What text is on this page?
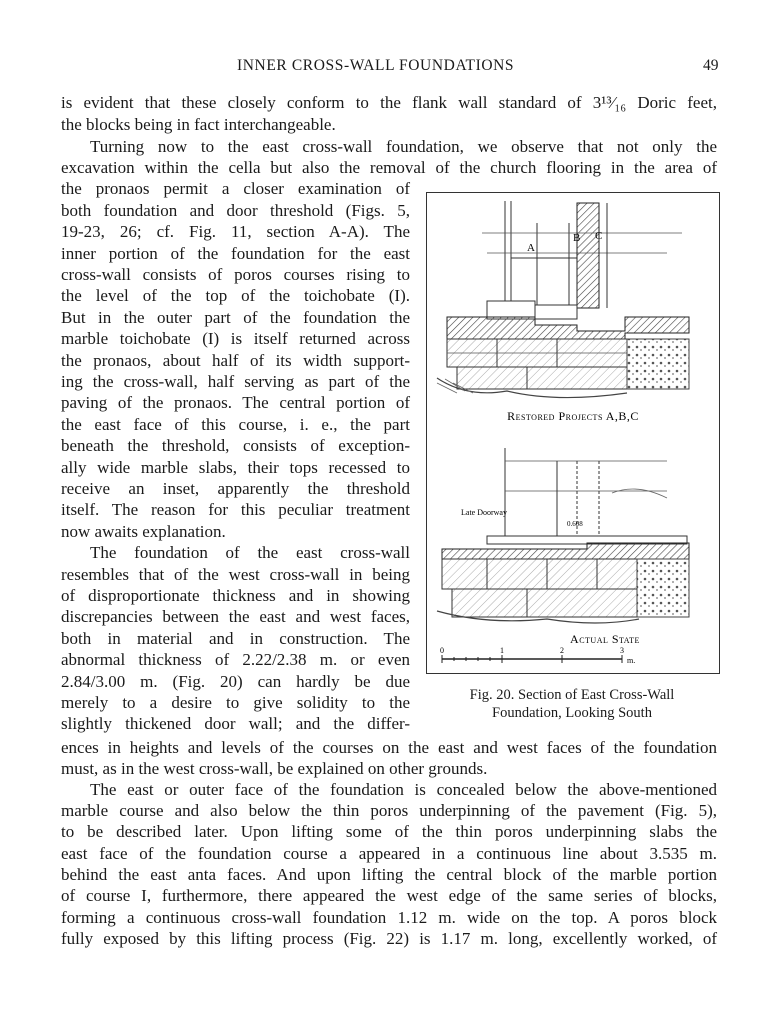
INNER CROSS-WALL FOUNDATIONS	49
is evident that these closely conform to the flank wall standard of 3¹³⁄₁₆ Doric feet,
the blocks being in fact interchangeable.
Turning now to the east cross-wall foundation, we observe that not only the
excavation within the cella but also the removal of the church flooring in the area of
the pronaos permit a closer examination of
both foundation and door threshold (Figs. 5,
19-23, 26; cf. Fig. 11, section A-A). The
inner portion of the foundation for the east
cross-wall consists of poros courses rising to
the level of the top of the toichobate (I).
But in the outer part of the foundation the
marble toichobate (I) is itself returned across
the pronaos, about half of its width support-
ing the cross-wall, half serving as part of the
paving of the pronaos. The central portion of
the east face of this course, i. e., the part
beneath the threshold, consists of exception-
ally wide marble slabs, their tops recessed to
receive an inset, apparently the threshold
itself. The reason for this peculiar treatment
now awaits explanation.
The foundation of the east cross-wall
resembles that of the west cross-wall in being
of disproportionate thickness and in showing
discrepancies between the east and west faces,
both in material and in construction. The
abnormal thickness of 2.22/2.38 m. or even
2.84/3.00 m. (Fig. 20) can hardly be due
merely to a desire to give solidity to the
slightly thickened door wall; and the differ-
ences in heights and levels of the courses on the east and west faces of the foundation
must, as in the west cross-wall, be explained on other grounds.
The east or outer face of the foundation is concealed below the above-mentioned
marble course and also below the thin poros underpinning of the pavement (Fig. 5),
to be described later. Upon lifting some of the thin poros underpinning slabs the
east face of the foundation course a appeared in a continuous line about 3.535 m.
behind the east anta faces. And upon lifting the central block of the marble portion
of course I, furthermore, there appeared the west edge of the same series of blocks,
forming a continuous cross-wall foundation 1.12 m. wide on the top. A poros block
fully exposed by this lifting process (Fig. 22) is 1.17 m. long, excellently worked, of
A
B C
Restored Projects A,B,C
Late Doorway
0.608
Actual State
0	1	2	3
m.
Fig. 20. Section of East Cross-Wall
Foundation, Looking South
